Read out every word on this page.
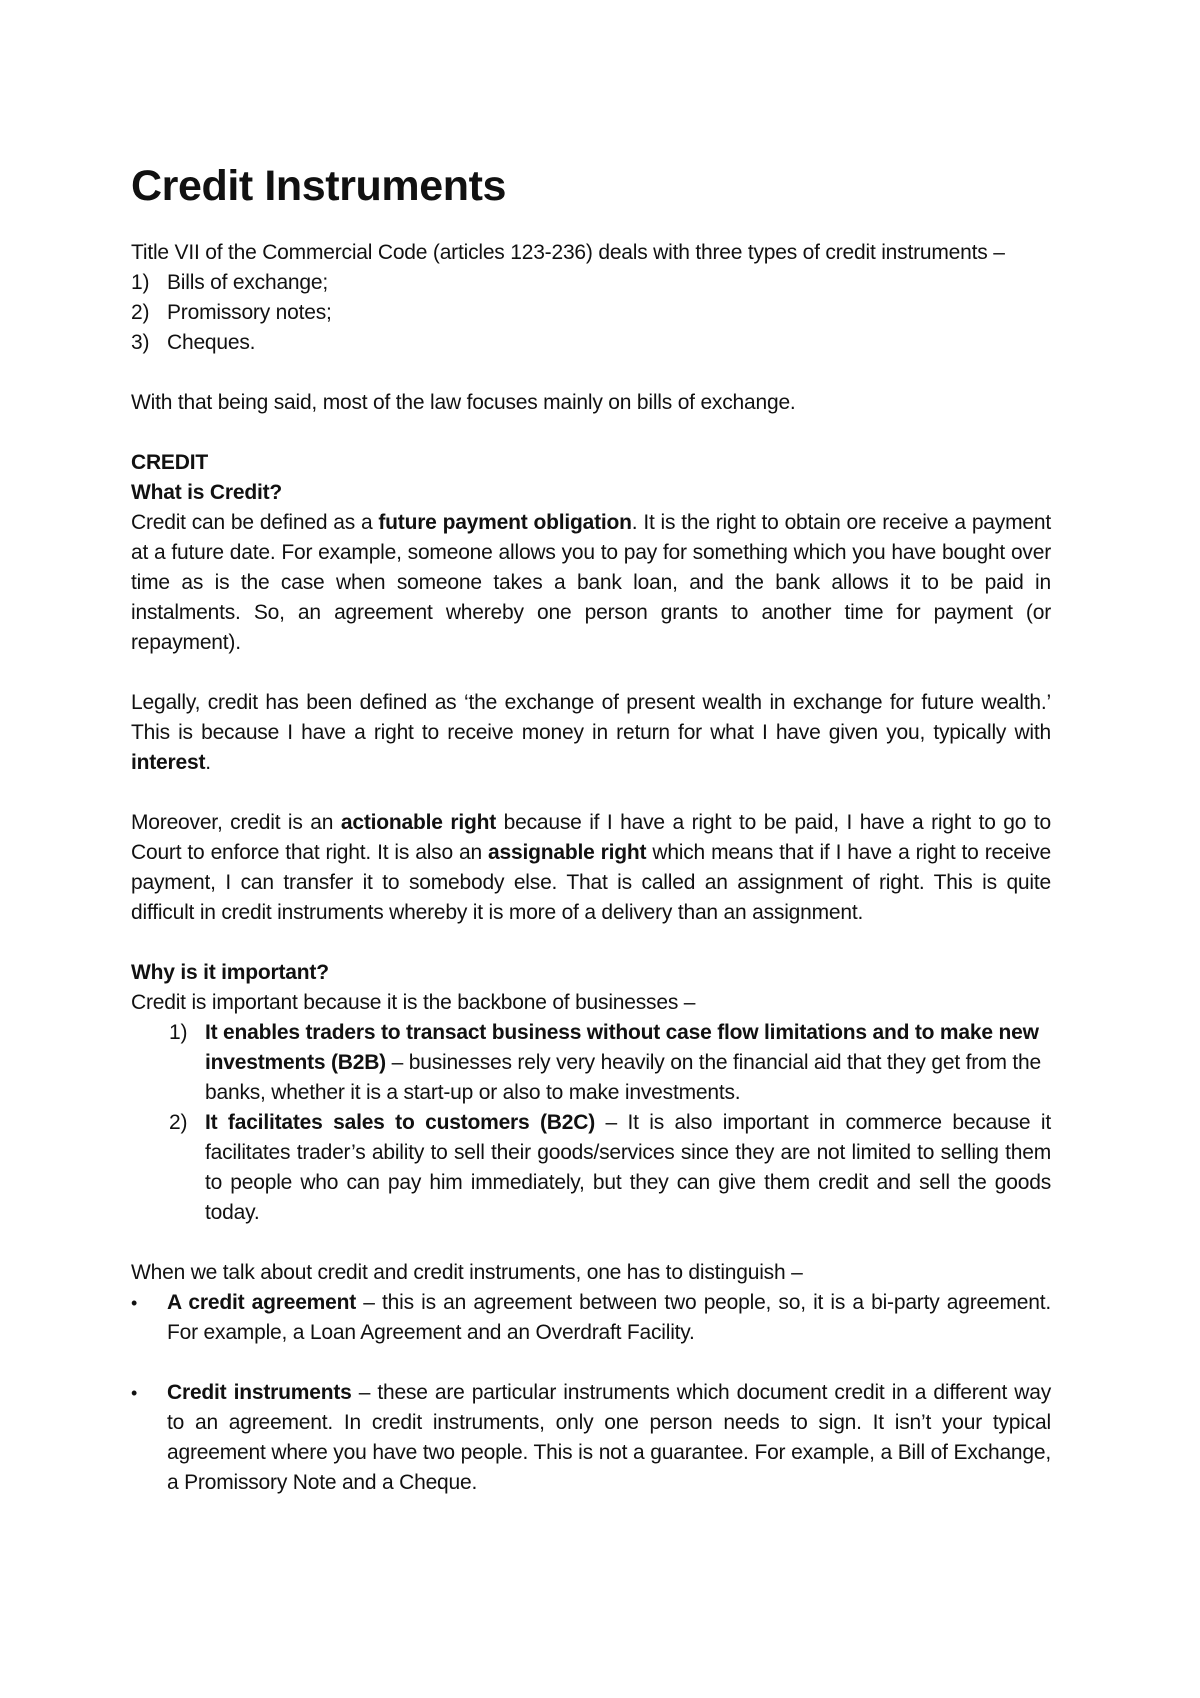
Credit Instruments

Title VII of the Commercial Code (articles 123-236) deals with three types of credit instruments –

1) Bills of exchange;
2) Promissory notes;
3) Cheques.

With that being said, most of the law focuses mainly on bills of exchange.

CREDIT

What is Credit?

Credit can be defined as a future payment obligation. It is the right to obtain ore receive a payment at a future date. For example, someone allows you to pay for something which you have bought over time as is the case when someone takes a bank loan, and the bank allows it to be paid in instalments. So, an agreement whereby one person grants to another time for payment (or repayment).

Legally, credit has been defined as ‘the exchange of present wealth in exchange for future wealth.’ This is because I have a right to receive money in return for what I have given you, typically with interest.

Moreover, credit is an actionable right because if I have a right to be paid, I have a right to go to Court to enforce that right. It is also an assignable right which means that if I have a right to receive payment, I can transfer it to somebody else. That is called an assignment of right. This is quite difficult in credit instruments whereby it is more of a delivery than an assignment.

Why is it important?

Credit is important because it is the backbone of businesses –

1) It enables traders to transact business without case flow limitations and to make new investments (B2B) – businesses rely very heavily on the financial aid that they get from the banks, whether it is a start-up or also to make investments.
2) It facilitates sales to customers (B2C) – It is also important in commerce because it facilitates trader’s ability to sell their goods/services since they are not limited to selling them to people who can pay him immediately, but they can give them credit and sell the goods today.

When we talk about credit and credit instruments, one has to distinguish –

•	A credit agreement – this is an agreement between two people, so, it is a bi-party agreement. For example, a Loan Agreement and an Overdraft Facility.
•	Credit instruments – these are particular instruments which document credit in a different way to an agreement. In credit instruments, only one person needs to sign. It isn’t your typical agreement where you have two people. This is not a guarantee. For example, a Bill of Exchange, a Promissory Note and a Cheque.
